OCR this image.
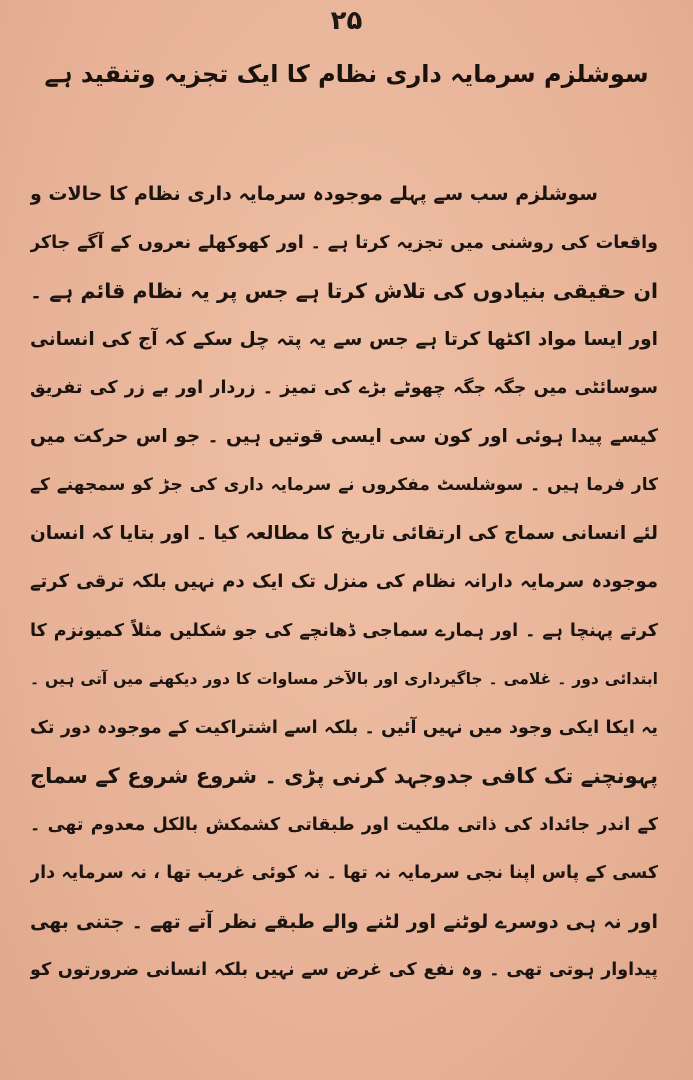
۲۵
سوشلزم سرمایہ داری نظام کا ایک تجزیہ وتنقید ہے
سوشلزم سب سے پہلے موجودہ سرمایہ داری نظام کا حالات و
واقعات کی روشنی میں تجزیہ کرتا ہے ۔ اور کھوکھلے نعروں کے آگے جاکر
ان حقیقی بنیادوں کی تلاش کرتا ہے جس پر یہ نظام قائم ہے ۔
اور ایسا مواد اکٹھا کرتا ہے جس سے یہ پتہ چل سکے کہ آج کی انسانی
سوسائٹی میں جگہ جگہ چھوٹے بڑے کی تمیز ۔ زردار اور بے زر کی تفریق
کیسے پیدا ہوئی اور کون سی ایسی قوتیں ہیں ۔ جو اس حرکت میں
کار فرما ہیں ۔ سوشلسٹ مفکروں نے سرمایہ داری کی جڑ کو سمجھنے کے
لئے انسانی سماج کی ارتقائی تاریخ کا مطالعہ کیا ۔ اور بتایا کہ انسان
موجودہ سرمایہ دارانہ نظام کی منزل تک ایک دم نہیں بلکہ ترقی کرتے
کرتے پہنچا ہے ۔ اور ہمارے سماجی ڈھانچے کی جو شکلیں مثلاً کمیونزم کا
ابتدائی دور ۔ غلامی ۔ جاگیرداری اور بالآخر مساوات کا دور دیکھنے میں آتی ہیں ۔
یہ ایکا ایکی وجود میں نہیں آئیں ۔ بلکہ اسے اشتراکیت کے موجودہ دور تک
پہونچنے تک کافی جدوجہد کرنی پڑی ۔ شروع شروع کے سماج
کے اندر جائداد کی ذاتی ملکیت اور طبقاتی کشمکش بالکل معدوم تھی ۔
کسی کے پاس اپنا نجی سرمایہ نہ تھا ۔ نہ کوئی غریب تھا ، نہ سرمایہ دار
اور نہ ہی دوسرے لوٹنے اور لٹنے والے طبقے نظر آتے تھے ۔ جتنی بھی
پیداوار ہوتی تھی ۔ وہ نفع کی غرض سے نہیں بلکہ انسانی ضرورتوں کو
